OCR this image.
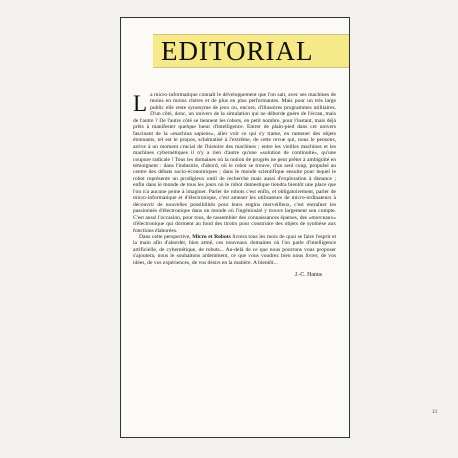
EDITORIAL

La micro-informatique connaît le développement que l'on sait, avec ses machines de moins en moins chères et de plus en plus performantes. Mais pour un très large public elle reste synonyme de jeux ou, encore, d'illusoires programmes utilitaires. D'un côté, donc, un univers de la simulation qui ne déborde guère de l'écran, mais de l'autre ? De l'autre côté se tiennent les robots, en petit nombre, pour l'instant, mais déjà prêts à manifester quelque lueur d'intelligence. Entrer de plain-pied dans cet univers fascinant de la «machina sapiens», aller voir ce qui s'y trame, en ramener des objets étonnants, tel est le propos, schématisé à l'extrême, de cette revue qui, nous le pensons, arrive à un moment crucial de l'histoire des machines ; entre les vieilles machines et les machines cybernétiques il n'y a rien d'autre qu'une «solution de continuité», qu'une coupure radicale ! Tous les domaines où la notion de progrès ne peut prêter à ambiguïté en témoignent : dans l'industrie, d'abord, où le robot se trouve, d'un seul coup, propulsé au centre des débats socio-économiques ; dans le monde scientifique ensuite pour lequel le robot représente un prodigieux outil de recherche mais aussi d'exploration à distance ; enfin dans le monde de tous les jours où le robot domestique tiendra bientôt une place que l'on n'a aucune peine à imaginer. Parler de robots c'est enfin, et obligatoirement, parler de micro-informatique et d'électronique, c'est amener les utilisateurs de micro-ordinateurs à découvrir de nouvelles possibilités pour leurs engins merveilleux, c'est entraîner les passionnés d'électronique dans un monde où l'ingéniosité y trouve largement son compte. C'est aussi l'occasion, pour tous, de rassembler des connaissances éparses, des «morceaux» d'électronique qui dorment au fond des tiroirs pour construire des objets de synthèse aux fonctions élaborées.

Dans cette perspective, Micro et Robots livrera tous les mois de quoi se faire l'esprit et la main afin d'aborder, bien armé, ces nouveaux domaines où l'on parle d'intelligence artificielle, de cybernétique, de robots... Au-delà de ce que nous pourrons vous proposer s'ajoutera, nous le souhaitons ardemment, ce que vous voudrez bien nous livrer, de vos idées, de vos expériences, de vos désirs en la matière. A bientôt...

J.-C. Hanus
13
